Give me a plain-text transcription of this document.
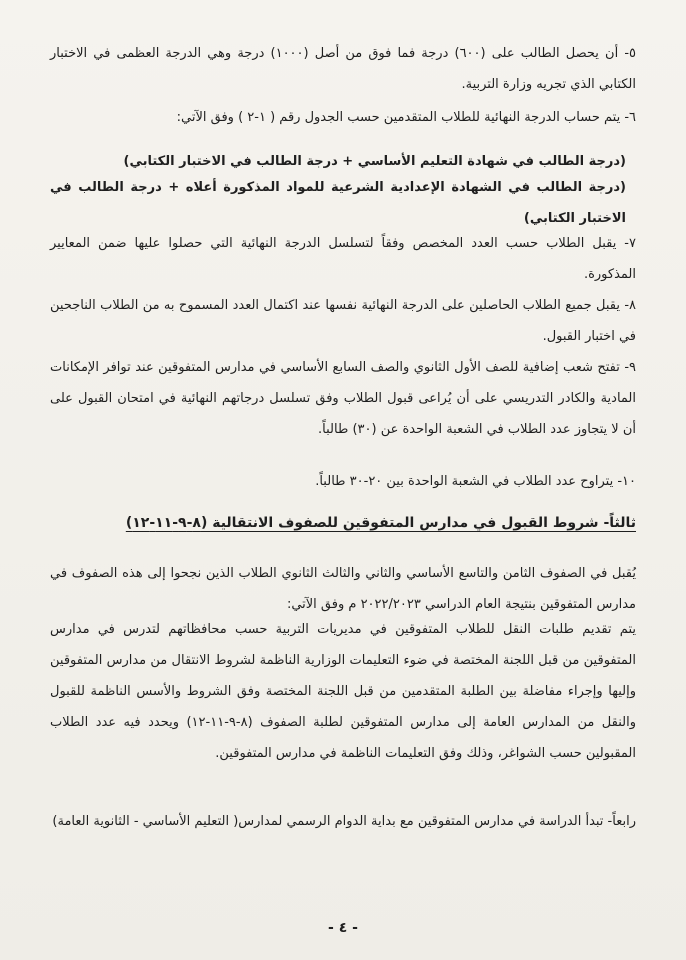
٥- أن يحصل الطالب على (٦٠٠) درجة فما فوق من أصل (١٠٠٠) درجة وهي الدرجة العظمى في الاختبار الكتابي الذي تجريه وزارة التربية.

٦- يتم حساب الدرجة النهائية للطلاب المتقدمين حسب الجدول رقم ( ١-٢ ) وفق الآتي:

(درجة الطالب في شهادة التعليم الأساسي + درجة الطالب في الاختبار الكتابي)

(درجة الطالب في الشهادة الإعدادية الشرعية للمواد المذكورة أعلاه + درجة الطالب في الاختبار الكتابي)

٧- يقبل الطلاب حسب العدد المخصص وفقاً لتسلسل الدرجة النهائية التي حصلوا عليها ضمن المعايير المذكورة.

٨- يقبل جميع الطلاب الحاصلين على الدرجة النهائية نفسها عند اكتمال العدد المسموح به من الطلاب الناجحين في اختبار القبول.

٩- تفتح شعب إضافية للصف الأول الثانوي والصف السابع الأساسي في مدارس المتفوقين عند توافر الإمكانات المادية والكادر التدريسي على أن يُراعى قبول الطلاب وفق تسلسل درجاتهم النهائية في امتحان القبول على أن لا يتجاوز عدد الطلاب في الشعبة الواحدة عن (٣٠) طالباً.

١٠- يتراوح عدد الطلاب في الشعبة الواحدة بين ٢٠-٣٠ طالباً.

ثالثاً- شروط القبول في مدارس المتفوقين للصفوف الانتقالية (٨-٩-١١-١٢)

يُقبل في الصفوف الثامن والتاسع الأساسي والثاني والثالث الثانوي الطلاب الذين نجحوا إلى هذه الصفوف في مدارس المتفوقين بنتيجة العام الدراسي ٢٠٢٢/٢٠٢٣ م وفق الآتي:

يتم تقديم طلبات النقل للطلاب المتفوقين في مديريات التربية حسب محافظاتهم لتدرس في مدارس المتفوقين من قبل اللجنة المختصة في ضوء التعليمات الوزارية الناظمة لشروط الانتقال من مدارس المتفوقين وإليها وإجراء مفاضلة بين الطلبة المتقدمين من قبل اللجنة المختصة وفق الشروط والأسس الناظمة للقبول والنقل من المدارس العامة إلى مدارس المتفوقين لطلبة الصفوف (٨-٩-١١-١٢) ويحدد فيه عدد الطلاب المقبولين حسب الشواغر، وذلك وفق التعليمات الناظمة في مدارس المتفوقين.

رابعاً- تبدأ الدراسة في مدارس المتفوقين مع بداية الدوام الرسمي لمدارس( التعليم الأساسي - الثانوية العامة)

- ٤ -
